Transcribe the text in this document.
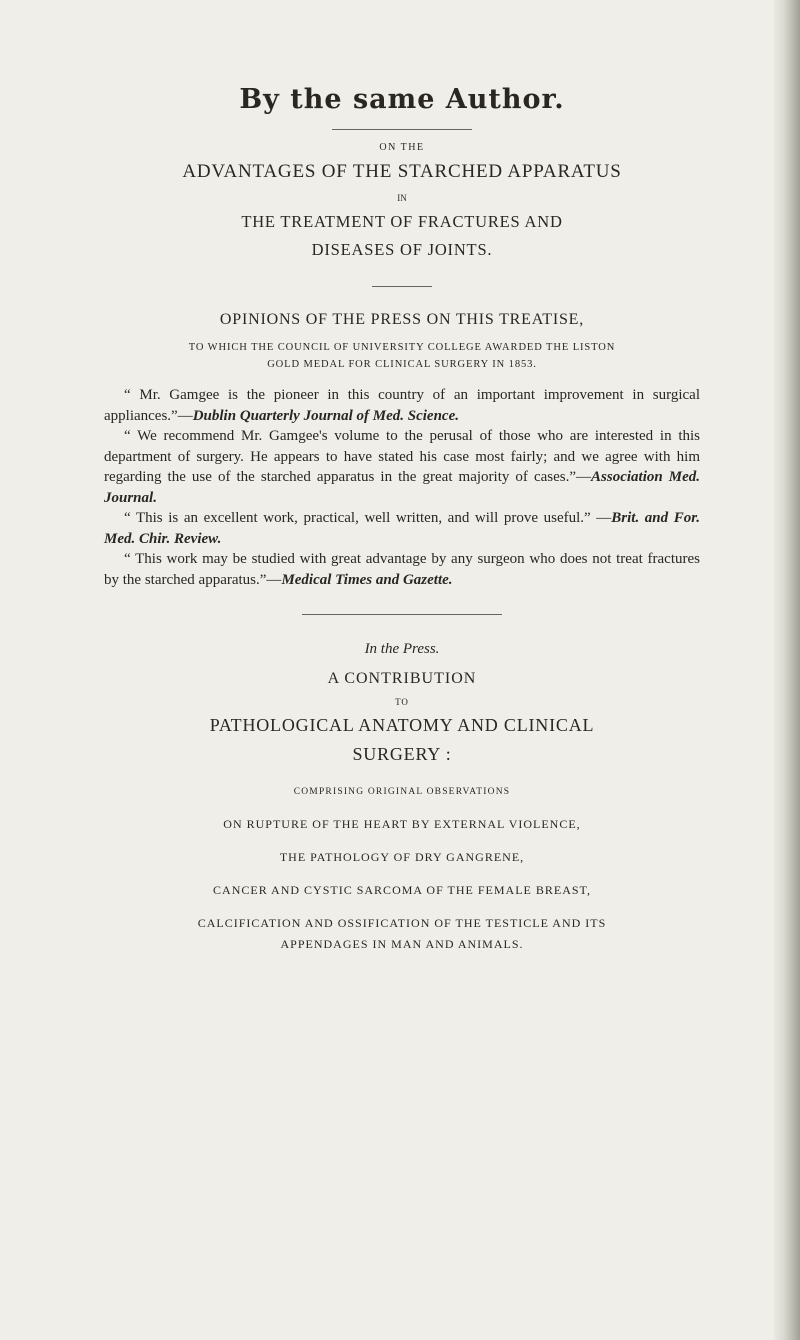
By the same Author.
ON THE
ADVANTAGES OF THE STARCHED APPARATUS
IN
THE TREATMENT OF FRACTURES AND
DISEASES OF JOINTS.
OPINIONS OF THE PRESS ON THIS TREATISE,
TO WHICH THE COUNCIL OF UNIVERSITY COLLEGE AWARDED THE LISTON
GOLD MEDAL FOR CLINICAL SURGERY IN 1853.

“ Mr. Gamgee is the pioneer in this country of an important improvement in surgical appliances.”—Dublin Quarterly Journal of Med. Science.

“ We recommend Mr. Gamgee's volume to the perusal of those who are interested in this department of surgery. He appears to have stated his case most fairly; and we agree with him regarding the use of the starched apparatus in the great majority of cases.”—Association Med. Journal.

“ This is an excellent work, practical, well written, and will prove useful.” —Brit. and For. Med. Chir. Review.

“ This work may be studied with great advantage by any surgeon who does not treat fractures by the starched apparatus.”—Medical Times and Gazette.

In the Press.
A CONTRIBUTION
TO
PATHOLOGICAL ANATOMY AND CLINICAL
SURGERY :
COMPRISING ORIGINAL OBSERVATIONS
ON RUPTURE OF THE HEART BY EXTERNAL VIOLENCE,
THE PATHOLOGY OF DRY GANGRENE,
CANCER AND CYSTIC SARCOMA OF THE FEMALE BREAST,
CALCIFICATION AND OSSIFICATION OF THE TESTICLE AND ITS
APPENDAGES IN MAN AND ANIMALS.
